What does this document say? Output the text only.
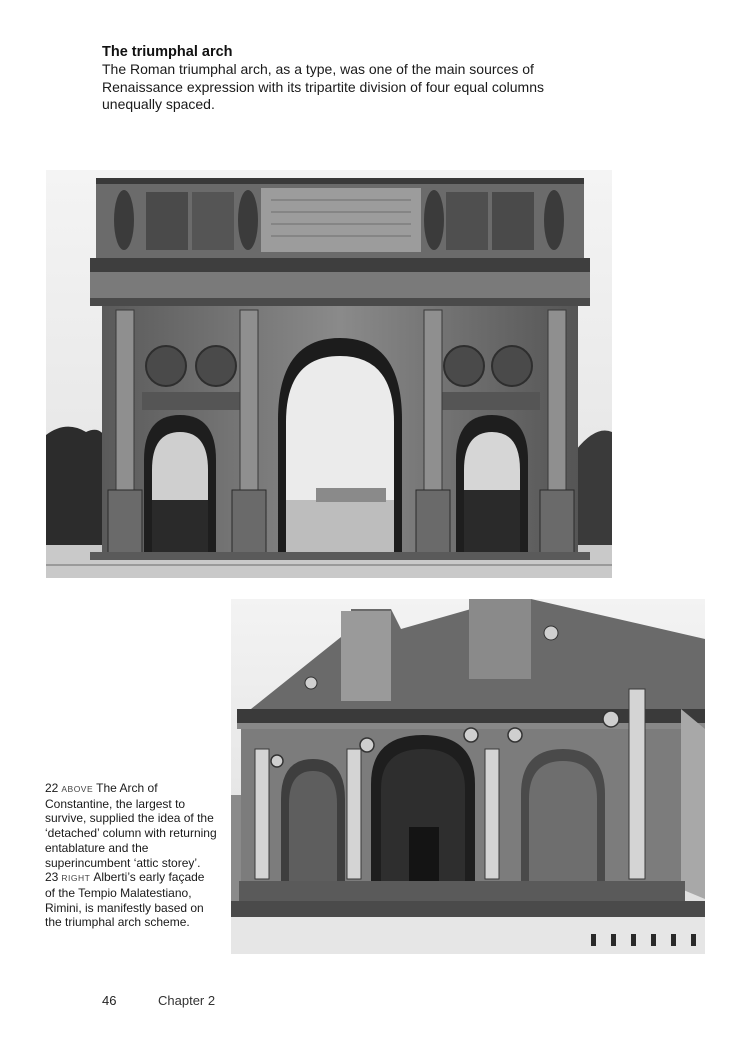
The triumphal arch
The Roman triumphal arch, as a type, was one of the main sources of Renaissance expression with its tripartite division of four equal columns unequally spaced.

22 ABOVE The Arch of Constantine, the largest to survive, supplied the idea of the ‘detached’ column with returning entablature and the superincumbent ‘attic storey’.

23 RIGHT Alberti’s early façade of the Tempio Malatestiano, Rimini, is manifestly based on the triumphal arch scheme.

46	Chapter 2
